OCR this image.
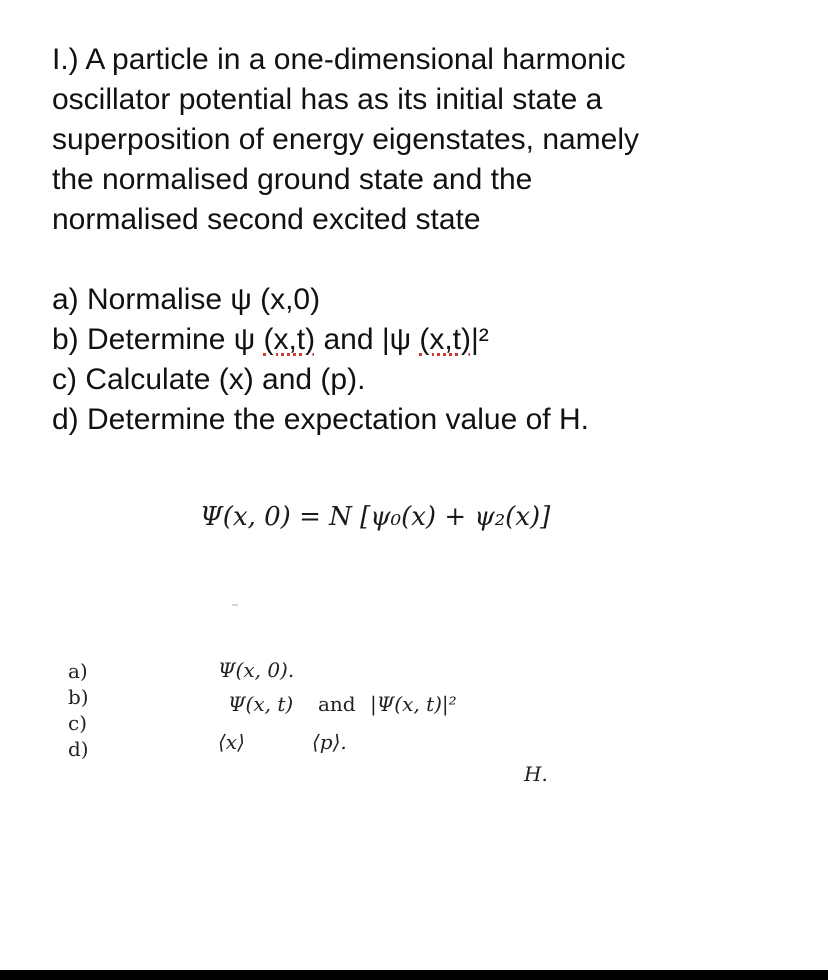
I.) A particle in a one-dimensional harmonic
oscillator potential has as its initial state a
superposition of energy eigenstates, namely
the normalised ground state and the
normalised second excited state
a) Normalise ψ (x,0)
b) Determine ψ (x,t) and |ψ (x,t)|²
c) Calculate (x) and (p).
d) Determine the expectation value of H.
Ψ(x, 0) = N [ψ₀(x) + ψ₂(x)]
a)
b)
c)
d)
Ψ(x, 0).
Ψ(x, t) and |Ψ(x, t)|²
⟨x⟩	⟨p⟩.
H.
